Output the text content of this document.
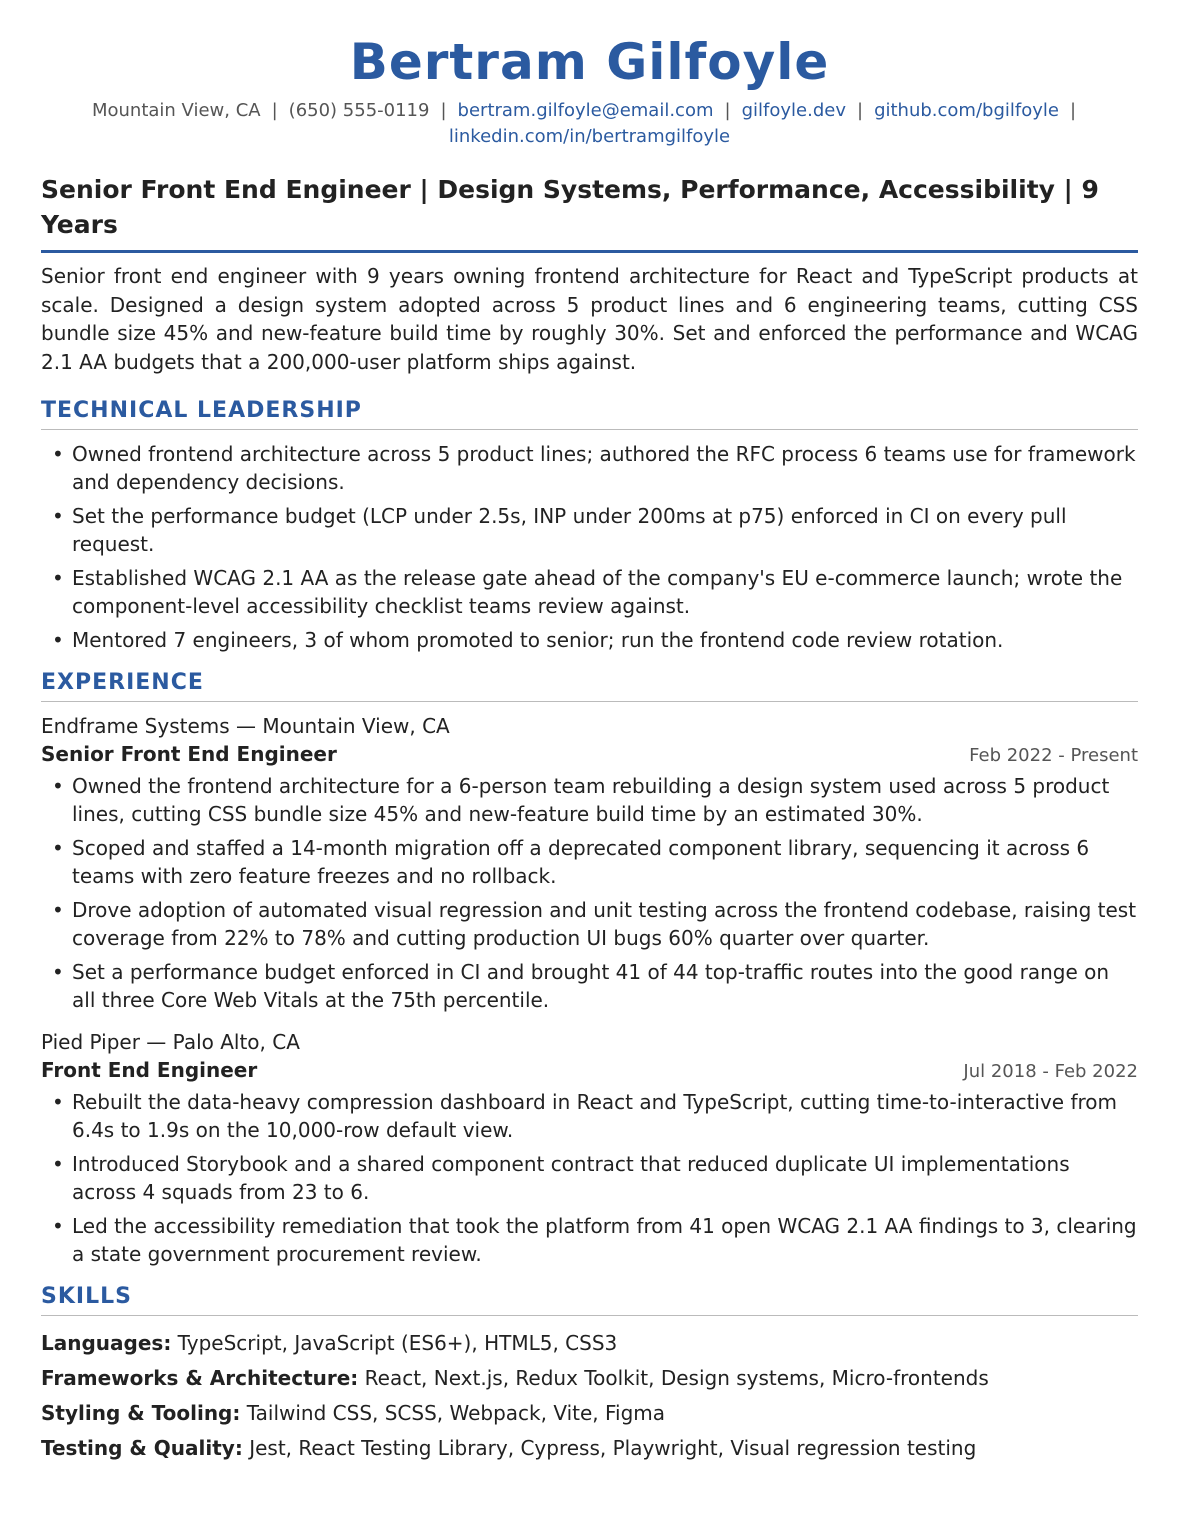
Bertram Gilfoyle
Mountain View, CA | (650) 555-0119 | bertram.gilfoyle@email.com | gilfoyle.dev | github.com/bgilfoyle |
linkedin.com/in/bertramgilfoyle
Senior Front End Engineer | Design Systems, Performance, Accessibility | 9 Years
Senior front end engineer with 9 years owning frontend architecture for React and TypeScript products at scale. Designed a design system adopted across 5 product lines and 6 engineering teams, cutting CSS bundle size 45% and new-feature build time by roughly 30%. Set and enforced the performance and WCAG 2.1 AA budgets that a 200,000-user platform ships against.
TECHNICAL LEADERSHIP
• Owned frontend architecture across 5 product lines; authored the RFC process 6 teams use for framework and dependency decisions.
• Set the performance budget (LCP under 2.5s, INP under 200ms at p75) enforced in CI on every pull request.
• Established WCAG 2.1 AA as the release gate ahead of the company's EU e-commerce launch; wrote the component-level accessibility checklist teams review against.
• Mentored 7 engineers, 3 of whom promoted to senior; run the frontend code review rotation.
EXPERIENCE
Endframe Systems — Mountain View, CA
Senior Front End Engineer	Feb 2022 - Present
• Owned the frontend architecture for a 6-person team rebuilding a design system used across 5 product lines, cutting CSS bundle size 45% and new-feature build time by an estimated 30%.
• Scoped and staffed a 14-month migration off a deprecated component library, sequencing it across 6 teams with zero feature freezes and no rollback.
• Drove adoption of automated visual regression and unit testing across the frontend codebase, raising test coverage from 22% to 78% and cutting production UI bugs 60% quarter over quarter.
• Set a performance budget enforced in CI and brought 41 of 44 top-traffic routes into the good range on all three Core Web Vitals at the 75th percentile.
Pied Piper — Palo Alto, CA
Front End Engineer	Jul 2018 - Feb 2022
• Rebuilt the data-heavy compression dashboard in React and TypeScript, cutting time-to-interactive from 6.4s to 1.9s on the 10,000-row default view.
• Introduced Storybook and a shared component contract that reduced duplicate UI implementations across 4 squads from 23 to 6.
• Led the accessibility remediation that took the platform from 41 open WCAG 2.1 AA findings to 3, clearing a state government procurement review.
SKILLS
Languages: TypeScript, JavaScript (ES6+), HTML5, CSS3
Frameworks & Architecture: React, Next.js, Redux Toolkit, Design systems, Micro-frontends
Styling & Tooling: Tailwind CSS, SCSS, Webpack, Vite, Figma
Testing & Quality: Jest, React Testing Library, Cypress, Playwright, Visual regression testing
